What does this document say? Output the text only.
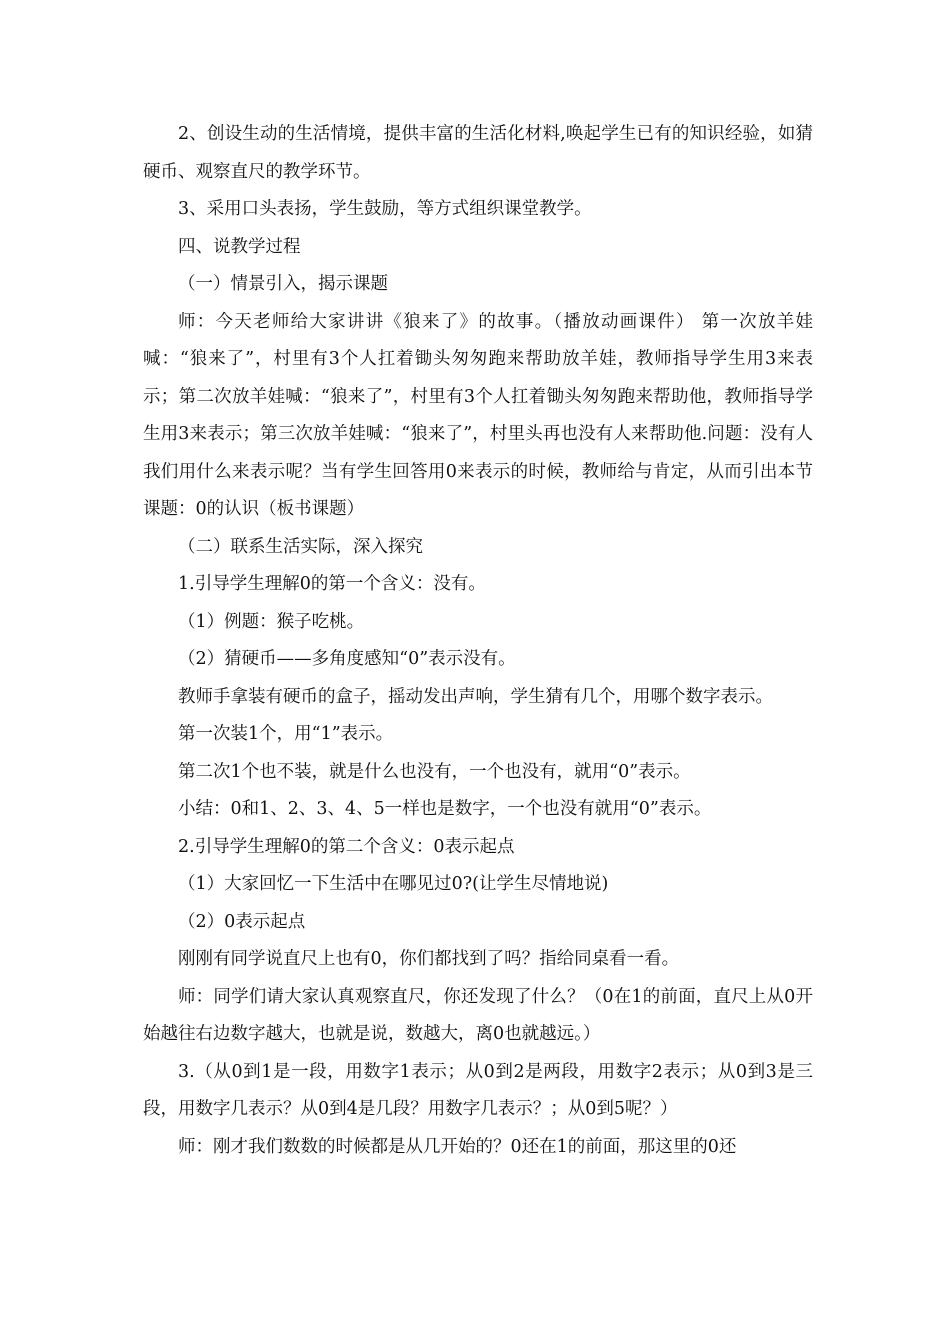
2、创设生动的生活情境，提供丰富的生活化材料,唤起学生已有的知识经验，如猜硬币、观察直尺的教学环节。

3、采用口头表扬，学生鼓励，等方式组织课堂教学。

四、说教学过程

（一）情景引入，揭示课题

师：今天老师给大家讲讲《狼来了》的故事。（播放动画课件） 第一次放羊娃喊：“狼来了”，村里有3个人扛着锄头匆匆跑来帮助放羊娃，教师指导学生用3来表示；第二次放羊娃喊：“狼来了”，村里有3个人扛着锄头匆匆跑来帮助他，教师指导学生用3来表示；第三次放羊娃喊：“狼来了”，村里头再也没有人来帮助他.问题：没有人我们用什么来表示呢？当有学生回答用0来表示的时候，教师给与肯定，从而引出本节课题：0的认识（板书课题）

（二）联系生活实际，深入探究

1.引导学生理解0的第一个含义：没有。

（1）例题：猴子吃桃。

（2）猜硬币——多角度感知“0”表示没有。

教师手拿装有硬币的盒子，摇动发出声响，学生猜有几个，用哪个数字表示。

第一次装1个，用“1”表示。

第二次1个也不装，就是什么也没有，一个也没有，就用“0”表示。

小结：0和1、2、3、4、5一样也是数字，一个也没有就用“0”表示。

2.引导学生理解0的第二个含义：0表示起点

（1）大家回忆一下生活中在哪见过0?(让学生尽情地说)

（2）0表示起点

刚刚有同学说直尺上也有0，你们都找到了吗？指给同桌看一看。

师：同学们请大家认真观察直尺，你还发现了什么？（0在1的前面，直尺上从0开始越往右边数字越大，也就是说，数越大，离0也就越远。）

3.（从0到1是一段，用数字1表示；从0到2是两段，用数字2表示；从0到3是三段，用数字几表示？从0到4是几段？用数字几表示？；从0到5呢？）

师：刚才我们数数的时候都是从几开始的？0还在1的前面，那这里的0还
